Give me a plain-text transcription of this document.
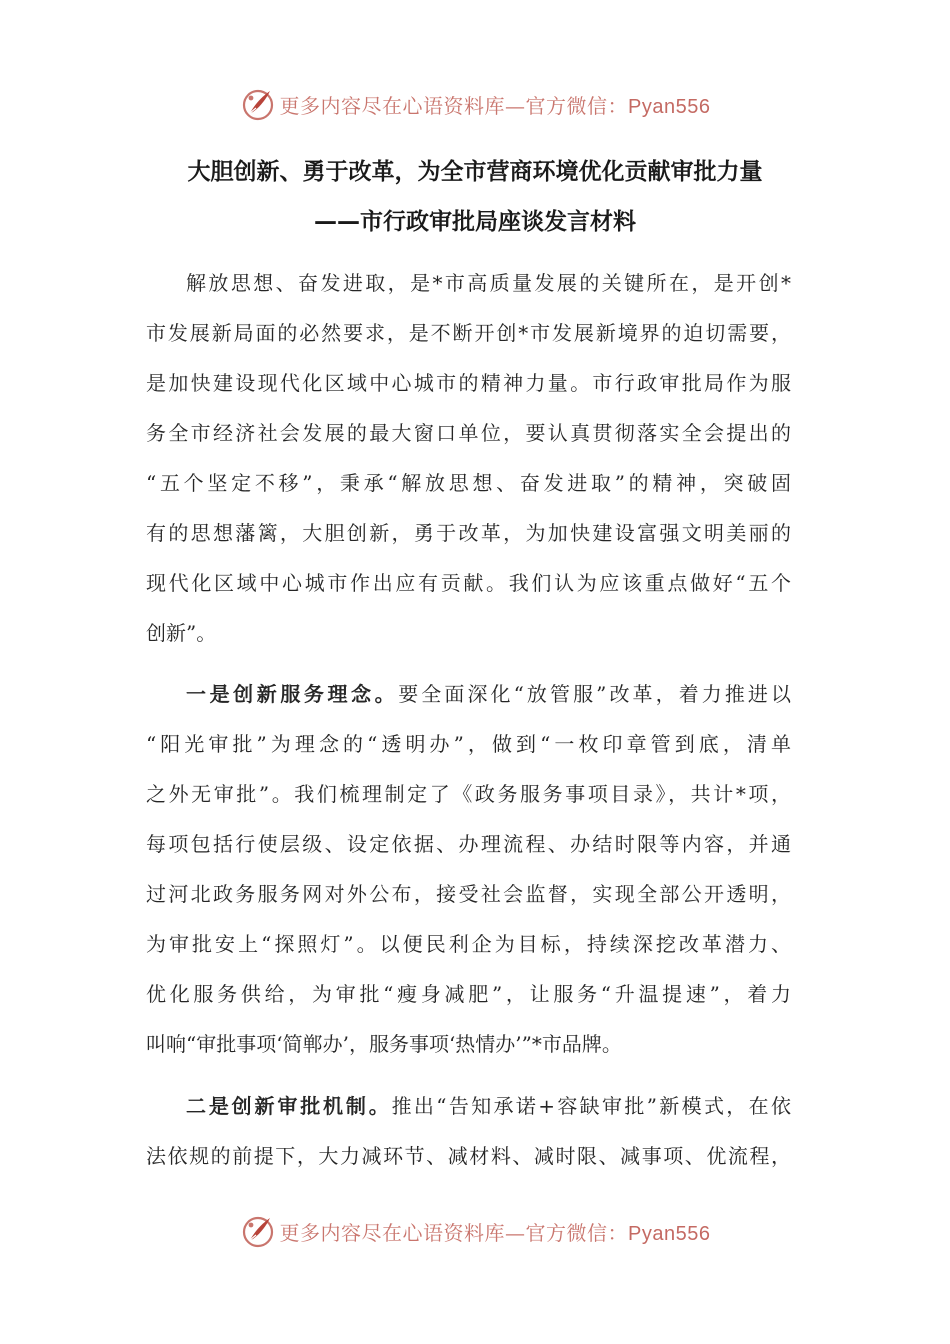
更多内容尽在心语资料库—官方微信：Pyan556
大胆创新、勇于改革，为全市营商环境优化贡献审批力量
——市行政审批局座谈发言材料
解放思想、奋发进取，是*市高质量发展的关键所在，是开创*
市发展新局面的必然要求，是不断开创*市发展新境界的迫切需要，
是加快建设现代化区域中心城市的精神力量。市行政审批局作为服
务全市经济社会发展的最大窗口单位，要认真贯彻落实全会提出的
“五个坚定不移”，秉承“解放思想、奋发进取”的精神，突破固
有的思想藩篱，大胆创新，勇于改革，为加快建设富强文明美丽的
现代化区域中心城市作出应有贡献。我们认为应该重点做好“五个
创新”。
一是创新服务理念。要全面深化“放管服”改革，着力推进以
“阳光审批”为理念的“透明办”，做到“一枚印章管到底，清单
之外无审批”。我们梳理制定了《政务服务事项目录》，共计*项，
每项包括行使层级、设定依据、办理流程、办结时限等内容，并通
过河北政务服务网对外公布，接受社会监督，实现全部公开透明，
为审批安上“探照灯”。以便民利企为目标，持续深挖改革潜力、
优化服务供给，为审批“瘦身减肥”，让服务“升温提速”，着力
叫响“审批事项‘简郸办’，服务事项‘热情办’”*市品牌。
二是创新审批机制。推出“告知承诺+容缺审批”新模式，在依
法依规的前提下，大力减环节、减材料、减时限、减事项、优流程，
更多内容尽在心语资料库—官方微信：Pyan556
